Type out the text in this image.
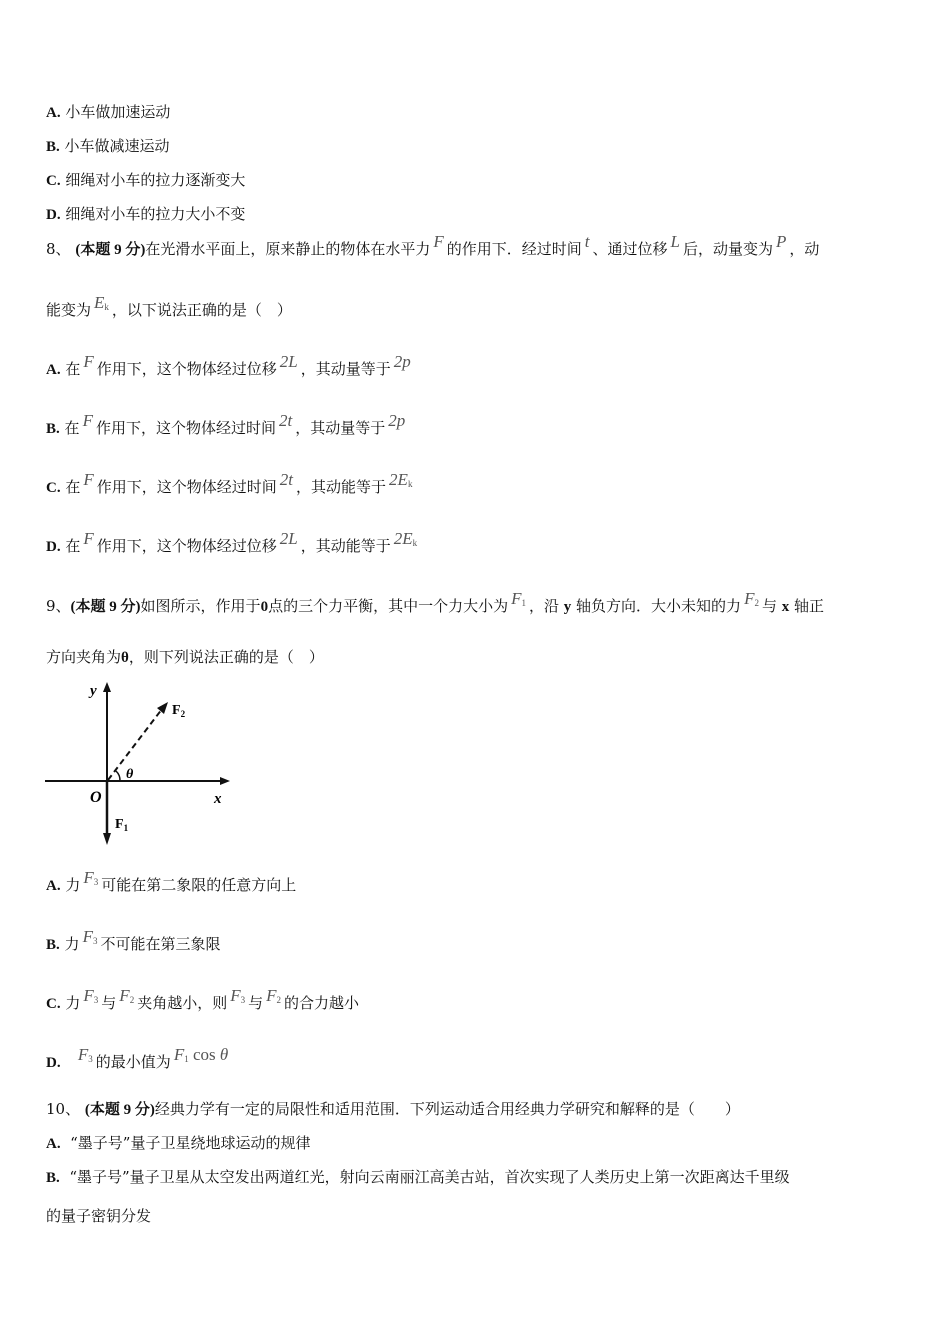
A. 小车做加速运动
B. 小车做减速运动
C. 细绳对小车的拉力逐渐变大
D. 细绳对小车的拉力大小不变
8、 (本题 9 分)在光滑水平面上，原来静止的物体在水平力 F 的作用下．经过时间 t 、通过位移 L 后，动量变为 P ，动
能变为 $E_k$ ，以下说法正确的是（　）
A. 在 F 作用下，这个物体经过位移 2L ，其动量等于 2p
B. 在 F 作用下，这个物体经过时间 2t ，其动量等于 2p
C. 在 F 作用下，这个物体经过时间 2t ，其动能等于 $2E_k$
D. 在 F 作用下，这个物体经过位移 2L ，其动能等于 $2E_k$
9、(本题 9 分)如图所示，作用于0点的三个力平衡，其中一个力大小为 $F_1$ ，沿 y 轴负方向．大小未知的力 $F_2$ 与 x 轴正
方向夹角为θ，则下列说法正确的是（　）
y
x
O
θ
$F_2$
$F_1$
A. 力 $F_3$ 可能在第二象限的任意方向上
B. 力 $F_3$ 不可能在第三象限
C. 力 $F_3$ 与 $F_2$ 夹角越小，则 $F_3$ 与 $F_2$ 的合力越小
D. $F_3$ 的最小值为 $F_1$ cos θ
10、 (本题 9 分)经典力学有一定的局限性和适用范围．下列运动适合用经典力学研究和解释的是（　　）
A. “墨子号”量子卫星绕地球运动的规律
B. “墨子号”量子卫星从太空发出两道红光，射向云南丽江高美古站，首次实现了人类历史上第一次距离达千里级
的量子密钥分发
